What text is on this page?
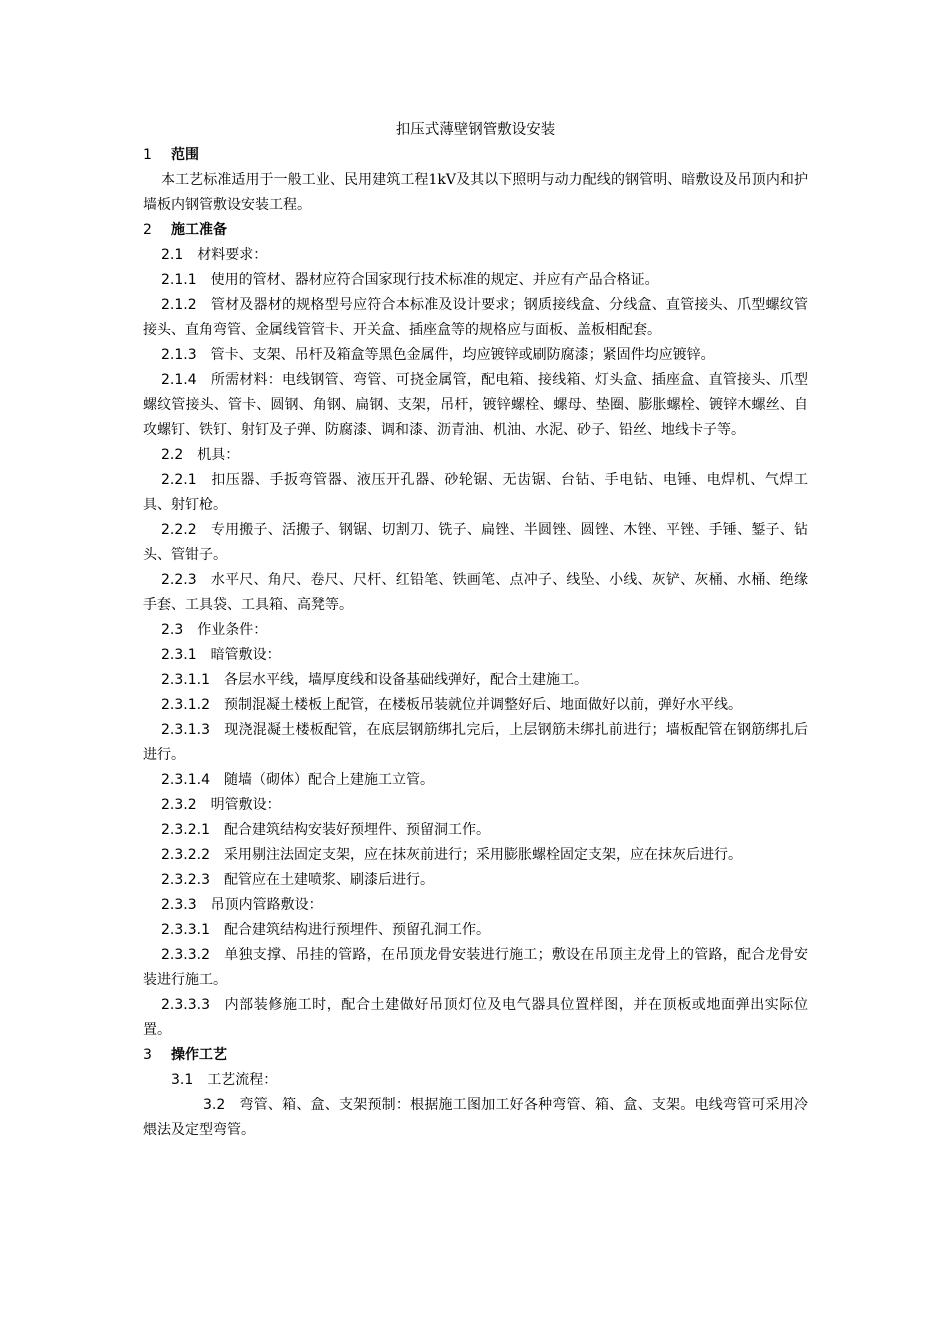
扣压式薄壁钢管敷设安装
1 范围
本工艺标准适用于一般工业、民用建筑工程1kV及其以下照明与动力配线的钢管明、暗敷设及吊顶内和护墙板内钢管敷设安装工程。
2 施工准备
2.1 材料要求：
2.1.1 使用的管材、器材应符合国家现行技术标准的规定、并应有产品合格证。
2.1.2 管材及器材的规格型号应符合本标准及设计要求；钢质接线盒、分线盒、直管接头、爪型螺纹管接头、直角弯管、金属线管管卡、开关盒、插座盒等的规格应与面板、盖板相配套。
2.1.3 管卡、支架、吊杆及箱盒等黑色金属件，均应镀锌或刷防腐漆；紧固件均应镀锌。
2.1.4 所需材料：电线钢管、弯管、可挠金属管，配电箱、接线箱、灯头盒、插座盒、直管接头、爪型螺纹管接头、管卡、圆钢、角钢、扁钢、支架，吊杆，镀锌螺栓、螺母、垫圈、膨胀螺栓、镀锌木螺丝、自攻螺钉、铁钉、射钉及子弹、防腐漆、调和漆、沥青油、机油、水泥、砂子、铅丝、地线卡子等。
2.2 机具：
2.2.1 扣压器、手扳弯管器、液压开孔器、砂轮锯、无齿锯、台钻、手电钻、电锤、电焊机、气焊工具、射钉枪。
2.2.2 专用搬子、活搬子、钢锯、切割刀、铣子、扁锉、半圆锉、圆锉、木锉、平锉、手锤、錾子、钻头、管钳子。
2.2.3 水平尺、角尺、卷尺、尺杆、红铅笔、铁画笔、点冲子、线坠、小线、灰铲、灰桶、水桶、绝缘手套、工具袋、工具箱、高凳等。
2.3 作业条件：
2.3.1 暗管敷设：
2.3.1.1 各层水平线，墙厚度线和设备基础线弹好，配合土建施工。
2.3.1.2 预制混凝土楼板上配管，在楼板吊装就位并调整好后、地面做好以前，弹好水平线。
2.3.1.3 现浇混凝土楼板配管，在底层钢筋绑扎完后，上层钢筋未绑扎前进行；墙板配管在钢筋绑扎后进行。
2.3.1.4 随墙（砌体）配合上建施工立管。
2.3.2 明管敷设：
2.3.2.1 配合建筑结构安装好预埋件、预留洞工作。
2.3.2.2 采用剔注法固定支架，应在抹灰前进行；采用膨胀螺栓固定支架，应在抹灰后进行。
2.3.2.3 配管应在土建喷浆、刷漆后进行。
2.3.3 吊顶内管路敷设：
2.3.3.1 配合建筑结构进行预埋件、预留孔洞工作。
2.3.3.2 单独支撑、吊挂的管路，在吊顶龙骨安装进行施工；敷设在吊顶主龙骨上的管路，配合龙骨安装进行施工。
2.3.3.3 内部装修施工时，配合土建做好吊顶灯位及电气器具位置样图，并在顶板或地面弹出实际位置。
3 操作工艺
3.1 工艺流程：
3.2 弯管、箱、盒、支架预制：根据施工图加工好各种弯管、箱、盒、支架。电线弯管可采用冷煨法及定型弯管。
